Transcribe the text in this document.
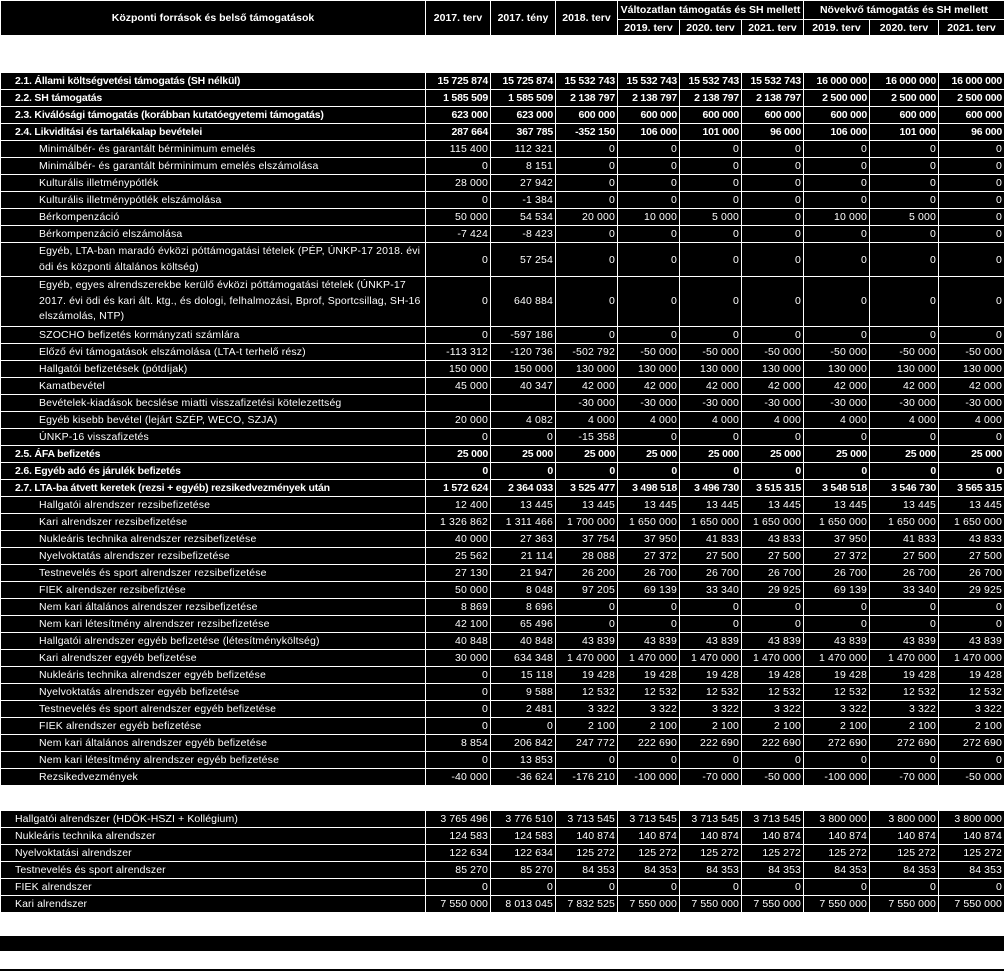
Központi források és belső támogatások	2017. terv	2017. tény	2018. terv	Változatlan támogatás és SH mellett			Növekvő támogatás és SH mellett		
				2019. terv	2020. terv	2021. terv	2019. terv	2020. terv	2021. terv

2.1. Állami költségvetési támogatás (SH nélkül)	15 725 874	15 725 874	15 532 743	15 532 743	15 532 743	15 532 743	16 000 000	16 000 000	16 000 000
2.2. SH támogatás	1 585 509	1 585 509	2 138 797	2 138 797	2 138 797	2 138 797	2 500 000	2 500 000	2 500 000
2.3. Kiválósági támogatás (korábban kutatóegyetemi támogatás)	623 000	623 000	600 000	600 000	600 000	600 000	600 000	600 000	600 000
2.4. Likviditási és tartalékalap bevételei	287 664	367 785	-352 150	106 000	101 000	96 000	106 000	101 000	96 000
Minimálbér- és garantált bérminimum emelés	115 400	112 321	0	0	0	0	0	0	0
Minimálbér- és garantált bérminimum emelés elszámolása	0	8 151	0	0	0	0	0	0	0
Kulturális illetménypótlék	28 000	27 942	0	0	0	0	0	0	0
Kulturális illetménypótlék elszámolása	0	-1 384	0	0	0	0	0	0	0
Bérkompenzáció	50 000	54 534	20 000	10 000	5 000	0	10 000	5 000	0
Bérkompenzáció elszámolása	-7 424	-8 423	0	0	0	0	0	0	0
Egyéb, LTA-ban maradó évközi póttámogatási tételek (PÉP, ÚNKP-17 2018. évi ödi és központi általános költség)	0	57 254	0	0	0	0	0	0	0
Egyéb, egyes alrendszerekbe kerülő évközi póttámogatási tételek (ÚNKP-17 2017. évi ödi és kari ált. ktg., és dologi, felhalmozási, Bprof, Sportcsillag, SH-16 elszámolás, NTP)	0	640 884	0	0	0	0	0	0	0
SZOCHO befizetés kormányzati számlára	0	-597 186	0	0	0	0	0	0	0
Előző évi támogatások elszámolása (LTA-t terhelő rész)	-113 312	-120 736	-502 792	-50 000	-50 000	-50 000	-50 000	-50 000	-50 000
Hallgatói befizetések (pótdíjak)	150 000	150 000	130 000	130 000	130 000	130 000	130 000	130 000	130 000
Kamatbevétel	45 000	40 347	42 000	42 000	42 000	42 000	42 000	42 000	42 000
Bevételek-kiadások becslése miatti visszafizetési kötelezettség			-30 000	-30 000	-30 000	-30 000	-30 000	-30 000	-30 000
Egyéb kisebb bevétel (lejárt SZÉP, WECO, SZJA)	20 000	4 082	4 000	4 000	4 000	4 000	4 000	4 000	4 000
ÚNKP-16 visszafizetés	0	0	-15 358	0	0	0	0	0	0
2.5. ÁFA befizetés	25 000	25 000	25 000	25 000	25 000	25 000	25 000	25 000	25 000
2.6. Egyéb adó és járulék befizetés	0	0	0	0	0	0	0	0	0
2.7. LTA-ba átvett keretek (rezsi + egyéb) rezsikedvezmények után	1 572 624	2 364 033	3 525 477	3 498 518	3 496 730	3 515 315	3 548 518	3 546 730	3 565 315
Hallgatói alrendszer rezsibefizetése	12 400	13 445	13 445	13 445	13 445	13 445	13 445	13 445	13 445
Kari alrendszer rezsibefizetése	1 326 862	1 311 466	1 700 000	1 650 000	1 650 000	1 650 000	1 650 000	1 650 000	1 650 000
Nukleáris technika alrendszer rezsibefizetése	40 000	27 363	37 754	37 950	41 833	43 833	37 950	41 833	43 833
Nyelvoktatás alrendszer rezsibefizetése	25 562	21 114	28 088	27 372	27 500	27 500	27 372	27 500	27 500
Testnevelés és sport alrendszer rezsibefizetése	27 130	21 947	26 200	26 700	26 700	26 700	26 700	26 700	26 700
FIEK alrendszer rezsibefiztése	50 000	8 048	97 205	69 139	33 340	29 925	69 139	33 340	29 925
Nem kari általános alrendszer rezsibefizetése	8 869	8 696	0	0	0	0	0	0	0
Nem kari létesítmény alrendszer rezsibefizetése	42 100	65 496	0	0	0	0	0	0	0
Hallgatói alrendszer egyéb befizetése (létesítményköltség)	40 848	40 848	43 839	43 839	43 839	43 839	43 839	43 839	43 839
Kari alrendszer egyéb befizetése	30 000	634 348	1 470 000	1 470 000	1 470 000	1 470 000	1 470 000	1 470 000	1 470 000
Nukleáris technika alrendszer egyéb befizetése	0	15 118	19 428	19 428	19 428	19 428	19 428	19 428	19 428
Nyelvoktatás alrendszer egyéb befizetése	0	9 588	12 532	12 532	12 532	12 532	12 532	12 532	12 532
Testnevelés és sport alrendszer egyéb befizetése	0	2 481	3 322	3 322	3 322	3 322	3 322	3 322	3 322
FIEK alrendszer egyéb befizetése	0	0	2 100	2 100	2 100	2 100	2 100	2 100	2 100
Nem kari általános alrendszer egyéb befizetése	8 854	206 842	247 772	222 690	222 690	222 690	272 690	272 690	272 690
Nem kari létesítmény alrendszer egyéb befizetése	0	13 853	0	0	0	0	0	0	0
Rezsikedvezmények	-40 000	-36 624	-176 210	-100 000	-70 000	-50 000	-100 000	-70 000	-50 000

Hallgatói alrendszer (HDÖK-HSZI + Kollégium)	3 765 496	3 776 510	3 713 545	3 713 545	3 713 545	3 713 545	3 800 000	3 800 000	3 800 000
Nukleáris technika alrendszer	124 583	124 583	140 874	140 874	140 874	140 874	140 874	140 874	140 874
Nyelvoktatási alrendszer	122 634	122 634	125 272	125 272	125 272	125 272	125 272	125 272	125 272
Testnevelés és sport alrendszer	85 270	85 270	84 353	84 353	84 353	84 353	84 353	84 353	84 353
FIEK alrendszer	0	0	0	0	0	0	0	0	0
Kari alrendszer	7 550 000	8 013 045	7 832 525	7 550 000	7 550 000	7 550 000	7 550 000	7 550 000	7 550 000
